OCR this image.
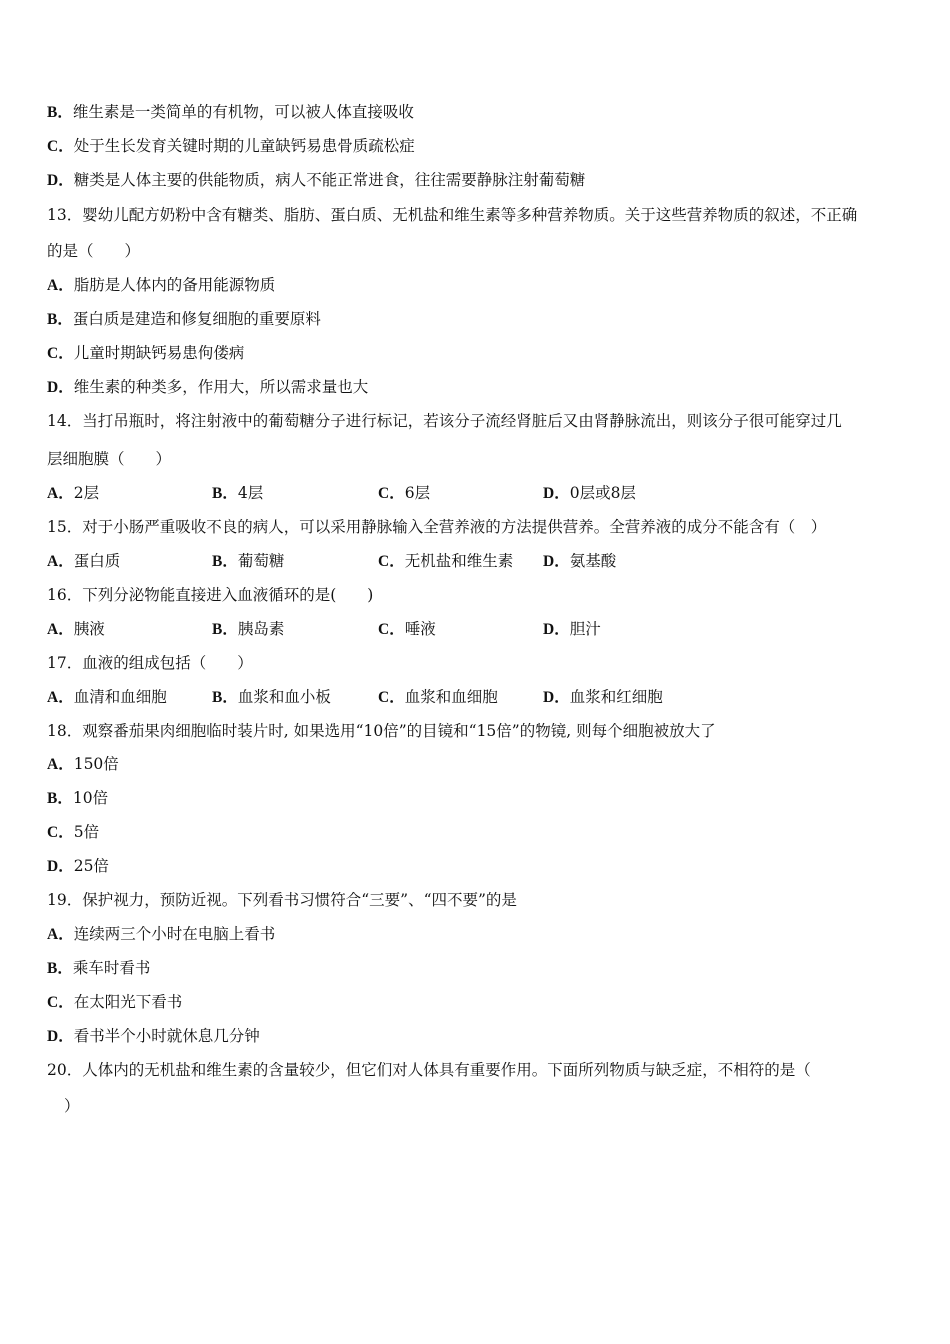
B．维生素是一类简单的有机物，可以被人体直接吸收
C．处于生长发育关键时期的儿童缺钙易患骨质疏松症
D．糖类是人体主要的供能物质，病人不能正常进食，往往需要静脉注射葡萄糖
13．婴幼儿配方奶粉中含有糖类、脂肪、蛋白质、无机盐和维生素等多种营养物质。关于这些营养物质的叙述，不正确
的是（　　）
A．脂肪是人体内的备用能源物质
B．蛋白质是建造和修复细胞的重要原料
C．儿童时期缺钙易患佝偻病
D．维生素的种类多，作用大，所以需求量也大
14．当打吊瓶时，将注射液中的葡萄糖分子进行标记，若该分子流经肾脏后又由肾静脉流出，则该分子很可能穿过几
层细胞膜（　　）
A．2层	B．4层	C．6层	D．0层或8层
15．对于小肠严重吸收不良的病人，可以采用静脉输入全营养液的方法提供营养。全营养液的成分不能含有（　）
A．蛋白质	B．葡萄糖	C．无机盐和维生素 D．氨基酸
16．下列分泌物能直接进入血液循环的是(　　)
A．胰液	B．胰岛素	C．唾液	D．胆汁
17．血液的组成包括（　　）
A．血清和血细胞	B．血浆和血小板	C．血浆和血细胞	D．血浆和红细胞
18．观察番茄果肉细胞临时装片时, 如果选用“10倍”的目镜和“15倍”的物镜, 则每个细胞被放大了
A．150倍
B．10倍
C．5倍
D．25倍
19．保护视力，预防近视。下列看书习惯符合“三要”、“四不要”的是
A．连续两三个小时在电脑上看书
B．乘车时看书
C．在太阳光下看书
D．看书半个小时就休息几分钟
20．人体内的无机盐和维生素的含量较少，但它们对人体具有重要作用。下面所列物质与缺乏症，不相符的是（
）
